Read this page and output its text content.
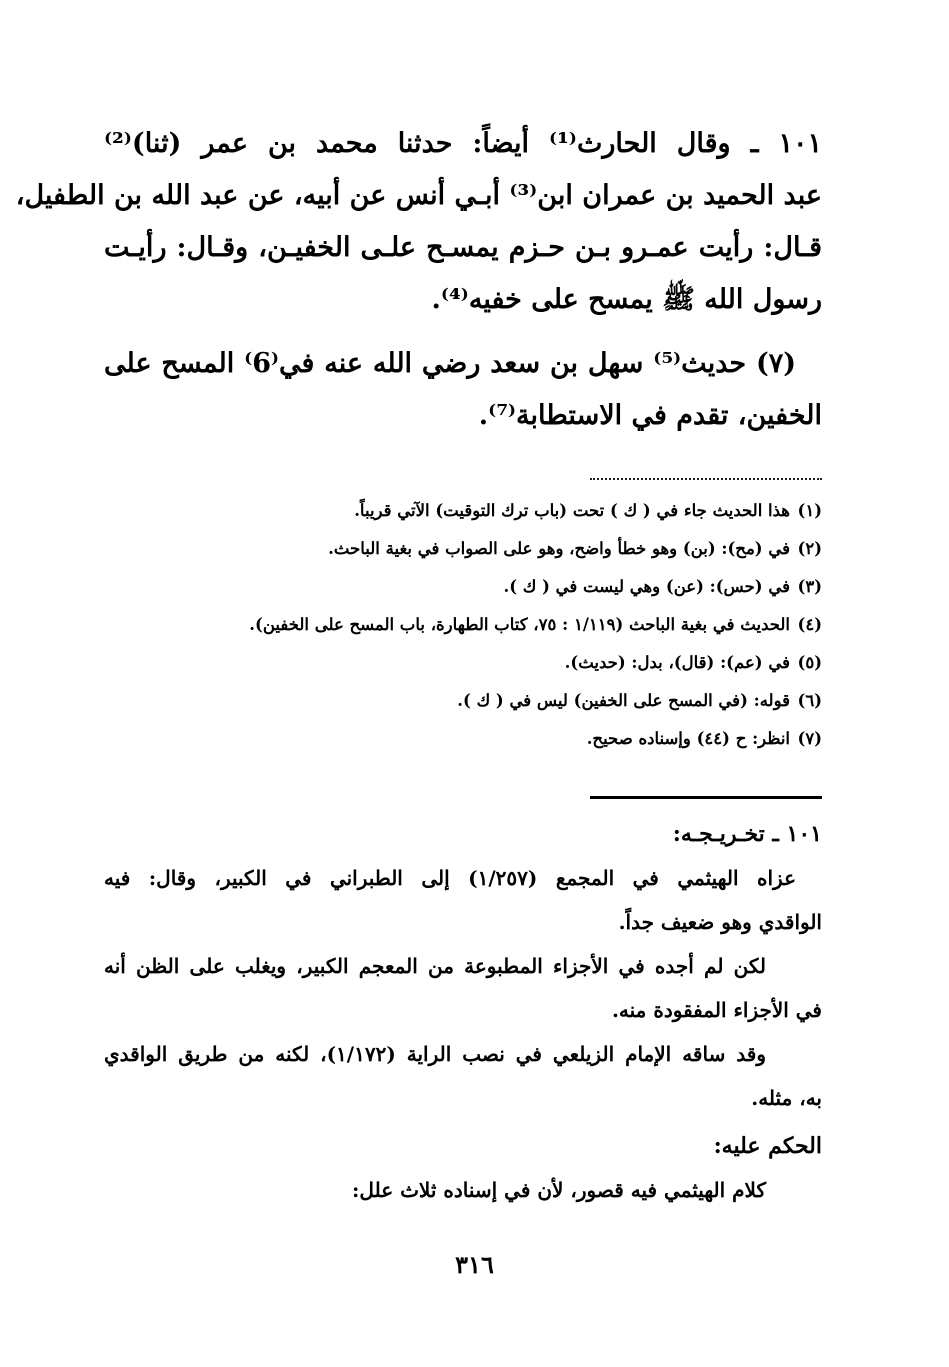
١٠١ ـ وقال الحارث⁽¹⁾ أيضاً: حدثنا محمد بن عمر (ثنا)⁽²⁾
عبد الحميد بن عمران ابن⁽³⁾ أبـي أنس عن أبيه، عن عبد الله بن الطفيل،
قـال: رأيت عمـرو بـن حـزم يمسـح علـى الخفيـن، وقـال: رأيـت
رسول الله ﷺ يمسح على خفيه⁽⁴⁾.
(٧) حديث⁽⁵⁾ سهل بن سعد رضي الله عنه في⁽6⁾ المسح على
الخفين، تقدم في الاستطابة⁽⁷⁾.
(١)هذا الحديث جاء في ( ك ) تحت (باب ترك التوقيت) الآتي قريباً.
(٢)في (مح): (بن) وهو خطأ واضح، وهو على الصواب في بغية الباحث.
(٣)في (حس): (عن) وهي ليست في ( ك ).
(٤)الحديث في بغية الباحث (١/١١٩ : ٧٥، كتاب الطهارة، باب المسح على الخفين).
(٥)في (عم): (قال)، بدل: (حديث).
(٦)قوله: (في المسح على الخفين) ليس في ( ك ).
(٧)انظر: ح (٤٤) وإسناده صحيح.
١٠١ ـ تخـريـجـه:
عزاه الهيثمي في المجمع (١/٢٥٧) إلى الطبراني في الكبير، وقال: فيه
الواقدي وهو ضعيف جداً.
لكن لم أجده في الأجزاء المطبوعة من المعجم الكبير، ويغلب على الظن أنه
في الأجزاء المفقودة منه.
وقد ساقه الإمام الزيلعي في نصب الراية (١/١٧٢)، لكنه من طريق الواقدي
به، مثله.
الحكم عليه:
كلام الهيثمي فيه قصور، لأن في إسناده ثلاث علل:
٣١٦
